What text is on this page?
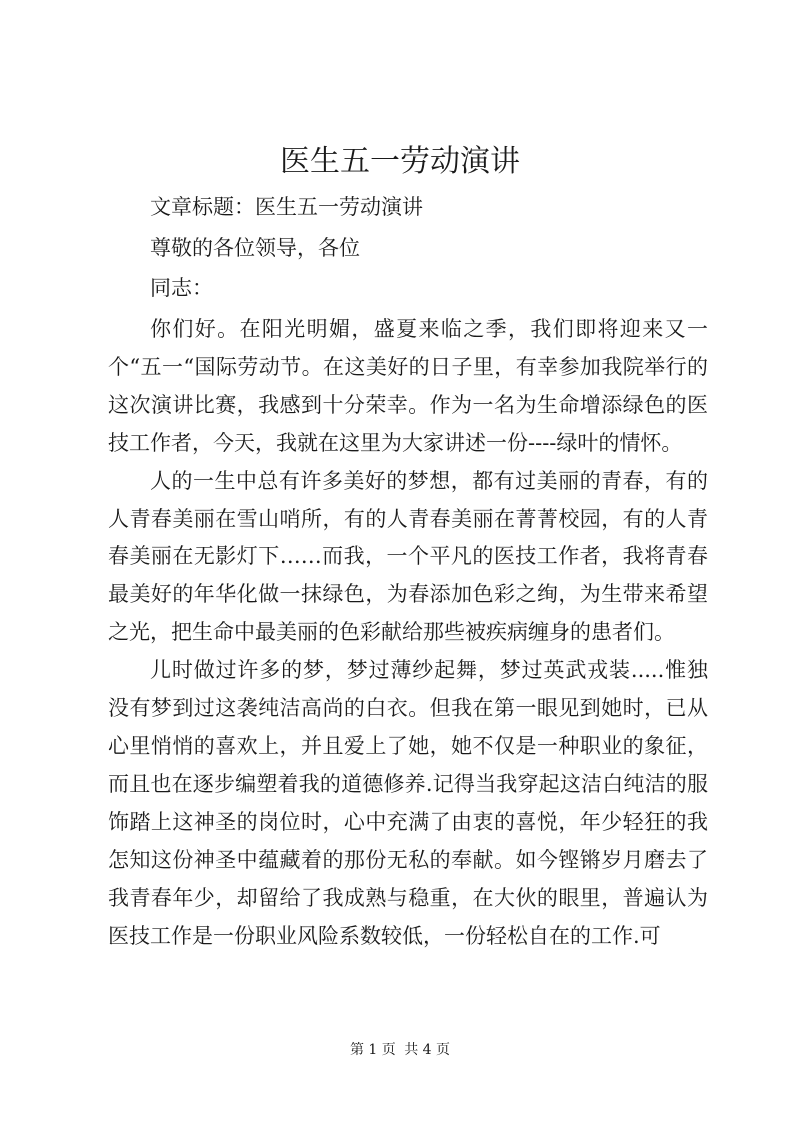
医生五一劳动演讲
文章标题：医生五一劳动演讲
尊敬的各位领导，各位
同志：

你们好。在阳光明媚，盛夏来临之季，我们即将迎来又一个“五一“国际劳动节。在这美好的日子里，有幸参加我院举行的这次演讲比赛，我感到十分荣幸。作为一名为生命增添绿色的医技工作者，今天，我就在这里为大家讲述一份----绿叶的情怀。

人的一生中总有许多美好的梦想，都有过美丽的青春，有的人青春美丽在雪山哨所，有的人青春美丽在菁菁校园，有的人青春美丽在无影灯下……而我，一个平凡的医技工作者，我将青春最美好的年华化做一抹绿色，为春添加色彩之绚，为生带来希望之光，把生命中最美丽的色彩献给那些被疾病缠身的患者们。

儿时做过许多的梦，梦过薄纱起舞，梦过英武戎装.....惟独没有梦到过这袭纯洁高尚的白衣。但我在第一眼见到她时，已从心里悄悄的喜欢上，并且爱上了她，她不仅是一种职业的象征，而且也在逐步编塑着我的道德修养.记得当我穿起这洁白纯洁的服饰踏上这神圣的岗位时，心中充满了由衷的喜悦，年少轻狂的我怎知这份神圣中蕴藏着的那份无私的奉献。如今铿锵岁月磨去了我青春年少，却留给了我成熟与稳重，在大伙的眼里，普遍认为医技工作是一份职业风险系数较低，一份轻松自在的工作.可

第 1 页 共 4 页
